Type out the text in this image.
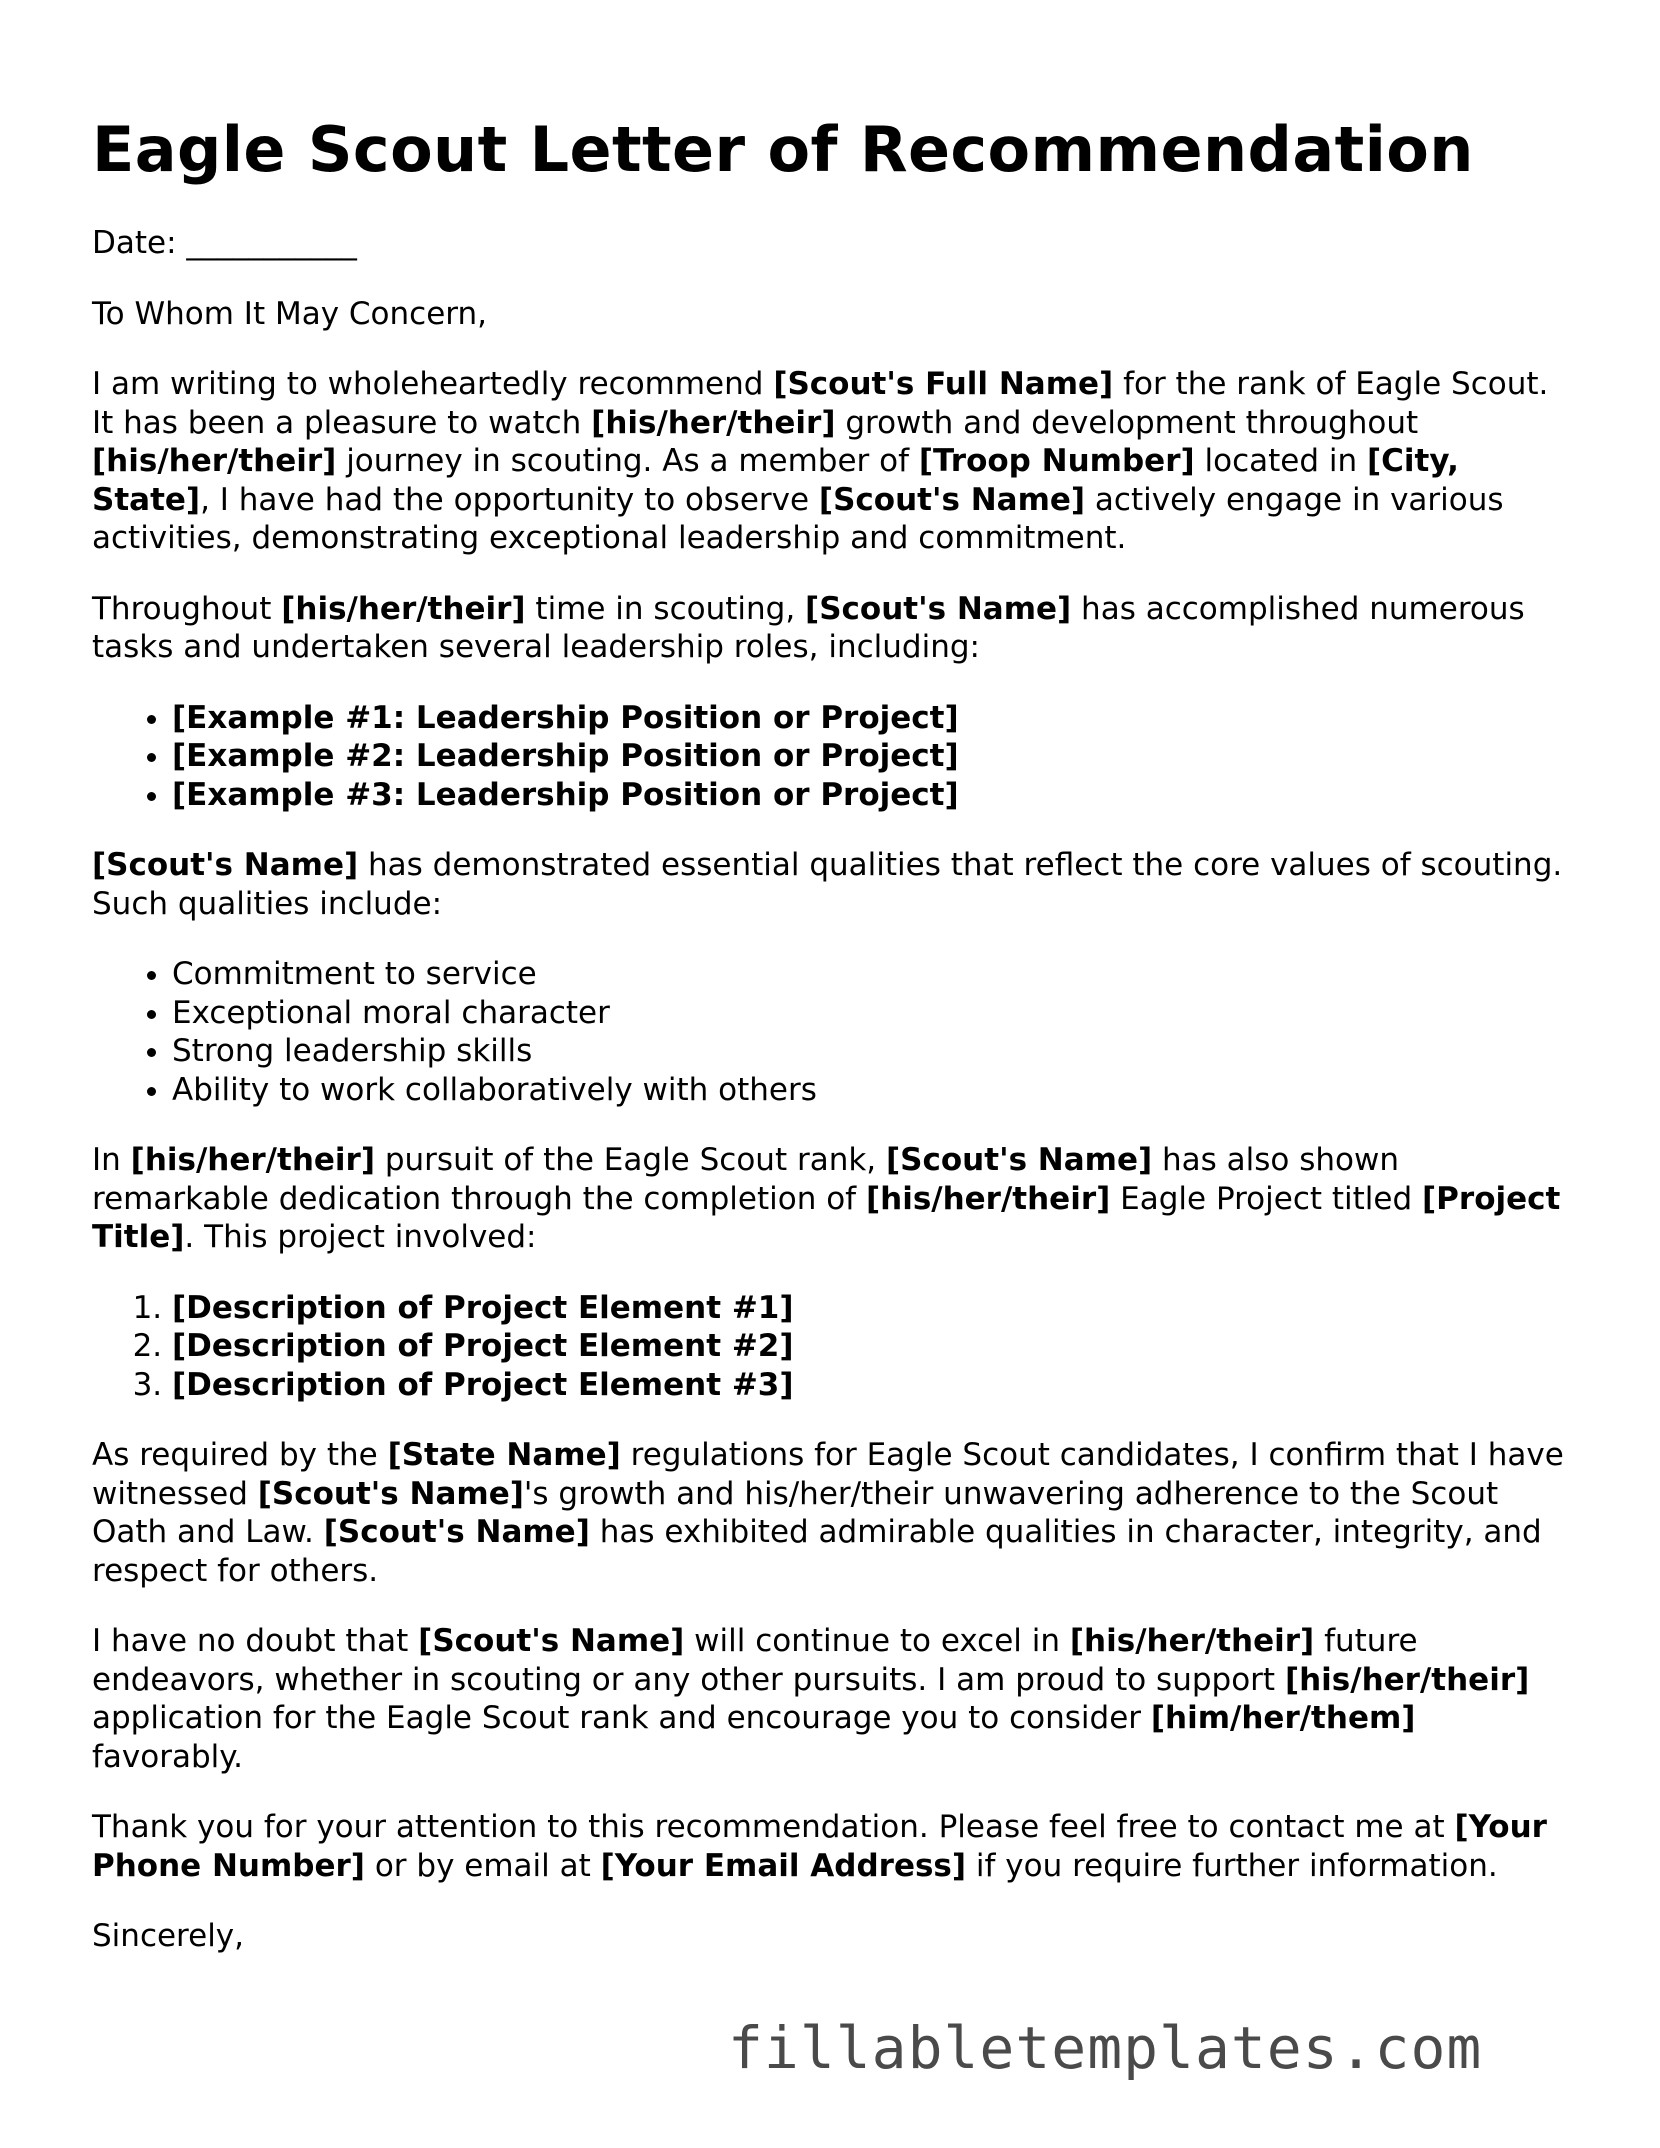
Eagle Scout Letter of Recommendation

Date: ___________

To Whom It May Concern,

I am writing to wholeheartedly recommend [Scout's Full Name] for the rank of Eagle Scout. It has been a pleasure to watch [his/her/their] growth and development throughout [his/her/their] journey in scouting. As a member of [Troop Number] located in [City, State], I have had the opportunity to observe [Scout's Name] actively engage in various activities, demonstrating exceptional leadership and commitment.

Throughout [his/her/their] time in scouting, [Scout's Name] has accomplished numerous tasks and undertaken several leadership roles, including:

• [Example #1: Leadership Position or Project]
• [Example #2: Leadership Position or Project]
• [Example #3: Leadership Position or Project]

[Scout's Name] has demonstrated essential qualities that reflect the core values of scouting. Such qualities include:

• Commitment to service
• Exceptional moral character
• Strong leadership skills
• Ability to work collaboratively with others

In [his/her/their] pursuit of the Eagle Scout rank, [Scout's Name] has also shown remarkable dedication through the completion of [his/her/their] Eagle Project titled [Project Title]. This project involved:

1. [Description of Project Element #1]
2. [Description of Project Element #2]
3. [Description of Project Element #3]

As required by the [State Name] regulations for Eagle Scout candidates, I confirm that I have witnessed [Scout's Name]'s growth and his/her/their unwavering adherence to the Scout Oath and Law. [Scout's Name] has exhibited admirable qualities in character, integrity, and respect for others.

I have no doubt that [Scout's Name] will continue to excel in [his/her/their] future endeavors, whether in scouting or any other pursuits. I am proud to support [his/her/their] application for the Eagle Scout rank and encourage you to consider [him/her/them] favorably.

Thank you for your attention to this recommendation. Please feel free to contact me at [Your Phone Number] or by email at [Your Email Address] if you require further information.

Sincerely,

fillabletemplates.com
